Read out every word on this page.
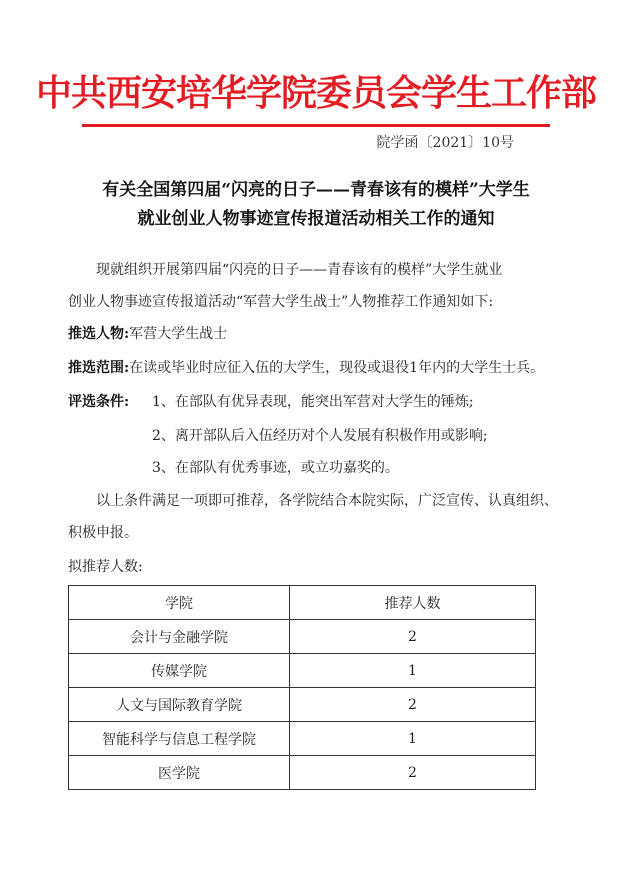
中共西安培华学院委员会学生工作部
院学函〔2021〕10号
有关全国第四届“闪亮的日子——青春该有的模样”大学生
就业创业人物事迹宣传报道活动相关工作的通知
现就组织开展第四届“闪亮的日子——青春该有的模样”大学生就业
创业人物事迹宣传报道活动“军营大学生战士”人物推荐工作通知如下:
推选人物:军营大学生战士
推选范围:在读或毕业时应征入伍的大学生，现役或退役1年内的大学生士兵。
评选条件:	1、在部队有优异表现，能突出军营对大学生的锤炼;
2、离开部队后入伍经历对个人发展有积极作用或影响;
3、在部队有优秀事迹，或立功嘉奖的。
以上条件满足一项即可推荐，各学院结合本院实际，广泛宣传、认真组织、
积极申报。
拟推荐人数:
学院	推荐人数
会计与金融学院	2
传媒学院	1
人文与国际教育学院	2
智能科学与信息工程学院	1
医学院	2
